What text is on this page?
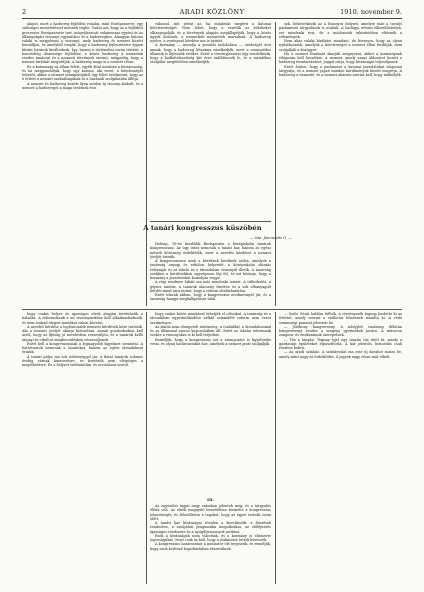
2	ARADI KÖZLÖNY	1910. november 9.

alapot, mert a hadsereg fejlődési vonalai, mint Európaszerte, egy valóságos meneteléssel mennek végbe. Tudni azt, hogy az a fejlődési processus Európaszerte tart, mégválasztott valamennyi egyéni és az állampolgári viszonyt egymáshoz és a hadsereghez. Amagyar katona valaki is megjelenni a viszonyt, mely hadsereg és nemzet között fennálljon, és amelyből vonják, hogy a hadsereg fejlesztésére éppen kívánt határok kiváltódnak. Így, hiszen a történelmi során történt, a honvédség diszessége fejlődése, a közös hadsereg a nemzetek rendes tanácsai és a nemzeti törvények szerint, mégpedig, hogy a nemzet birtokát megvédjék. A hadsereg maga is a nemzet része.

Ez a katonaság az állam felett, egyéb által azonban a köztársaság, és ha meggondoljuk, hogy egy katona, aki vezet, a kötelességét teljesíti, akkor a nemzet szempontjából úgy lehet értelmezni, hogy az ő tetteit a nemzet szabadságának és a hazának szolgálatába állítja.

A nemzet és hadsereg között ilyen módon új viszony alakult, és a nemzet a hadsereget a maga testének érzi.

válaszol, mit jelent az, ha mindenki megérti a katonai kötelezettséget. Nem lehet, hogy a vezetők az érdekeket elhanyagolják, és a törvények alapján megállapítják, hogy a közös ügyek közösek, a nemzetiek nemzetiek maradnak. A hadsereg nyelve, a vezényszó kérdése ma is nyitott.

A kormány — mondja a javaslat indokolása — szükségét érzi annak, hogy a hadsereg létszáma emelkedjék, mert a szomszédos államok is fejlesztik erőiket. Ezért a törvényjavaslat úgy rendelkezik, hogy a hadkötelezettség két évre szállíttassék le, és a tartalékos szolgálat megfelelően emelkedjék.

sok, bekövetkezik az a bizonyos helyzet, amelyre már a tavalyi parlamenti tárgyalások is utaltak. A hadügyi reform elkerülhetetlen, ezt mindenki érzi, de a módozatok tekintetében eltérnek a vélemények.

Nem akar valaki bírálatot mondani, de bizonyos, hogy az olyan nyilatkozatok, amelyek a kötelességet a nemzet ellen fordítják, nem szolgálják a közügyet.

Ha a nemzet bizalmát akarják megnyerni, akkor a kormánynak világosan kell beszélnie. A nemzet, amely annyi áldozatot hozott a hadsereg fenntartásáért, joggal várja, hogy kívánságai teljesüljenek.

Ezért fontos, hogy a parlament a katonai javaslatokat alaposan tárgyalja, és a nemzet jogait minden körülmények között megóvja. A hadsereg a nemzeté, és a nemzet akarata szerint kell, hogy működjék.

A tanári kongresszus küszöbén
— irta: Jancsovits G. —

Holnap, 10-én kezdődik Budapesten a középiskolai tanárok kongresszusa. Az ügy iránt nemcsak a tanári kar, hanem az egész művelt közönség érdeklődik, mert a nevelés kérdései a nemzet jövőjét érintik.

A kongresszuson azok a kérdések kerülnek szóba, amelyek a tanárság anyagi és erkölcsi helyzetét, a középiskolai oktatás reformját és az iskola és a társadalom viszonyát illetik. A tanárság ezekben a kérdésekben egységesen lép fel, és azt kívánja, hogy a kormány a javaslatokat komolyan vegye.

A régi rendszer hibáit ma már mindenki ismeri. A túlterhelés, a gépies tanítás, a tanárok alacsony fizetése és a sok elhanyagolt kérdés mind arra mutat, hogy a reform elodázhatatlan.

Ezért bízunk abban, hogy a kongresszus eredménnyel jár, és a tanárság hangja meghallgatásra talál.

hogy csakis helyes és igazságos elvek alapján történhetik a haladás. A reformoknak a mi viszonyainkhoz kell alkalmazkodniuk, és nem szabad idegen mintákat vakon követni.

A nevelés kérdése a legfontosabb nemzeti kérdések közé tartozik. Aki a nemzet jövőjét akarja biztosítani, annak gondoskodnia kell arról, hogy az ifjúság jó nevelésben részesüljön, és a tanárok kellő anyagi és erkölcsi megbecsülésben részesüljenek.

Ezért kell a kongresszusnak a legnagyobb figyelmet szentelni. A határozatok nemcsak a tanárokat, hanem az egész társadalmat érintik.

A tanári pálya ma sok nehézséggel jár. A fiatal tanárok sokszor évekig várnak kinevezésre, és fizetésük nem elégséges a megélhetésre. Ez a helyzet tarthatatlan, és orvoslásra szorul.

hogy csakis közös munkával érhetjük el célunkat. A tanárság és a társadalom együttműködése nélkül semmiféle reform nem vezet eredményre.

Az iskola nem elszigetelt intézmény; a családdal, a társadalommal és az állammal szoros kapcsolatban áll. Ezért az iskolai reformnak ezekre a viszonyokra is ki kell terjednie.

Reméljük, hogy a kongresszus ezt a szempontot is figyelembe veszi, és olyan határozatokat hoz, amelyek a nemzet javát szolgálják.

III.

Az egyesület tagjai nagy számban jelentek meg, és a tárgyalás élénk volt. Az elnök megnyitó beszédében kiemelte a kongresszus jelentőségét, és felszólította a tagokat, hogy az ügyet tartsák szem előtt.

A tanári kar kívánságai röviden a következők: a fizetések rendezése, a szolgálati pragmatika megalkotása, az előléptetés igazságos rendszere és a nyugdíjviszonyok javítása.

Ezek a kívánságok nem túlzottak, és a kormány is elismerte jogosságukat. Most csak az kell, hogy a jóakaratot tettek kövessék.

A kongresszus határozatait a miniszter elé terjesztik, és reméljük, hogy azok kedvező fogadtatásban részesülnek.

— Szőts Gézát halálra ítélték. A törvényszék tegnap hirdette ki az ítéletet, amely szerint a vádlottat bűnösnek mondta ki. A védő semmiségi panaszt jelentett be.

— Jótékony hangverseny. A nőegylet vasárnap délután hangversenyt rendez a szegény gyermekek javára. A műsoron zongora- és énekszámok szerepelnek.

— Tűz a tanyán. Tegnap éjjel egy tanyán tűz ütött ki, amely a gazdasági épületeket elpusztította. A kár jelentős, biztosítás csak részben fedezi.

— Az aradi színház. A színtársulat ma este új darabot mutat be, amely iránt nagy az érdeklődés. A jegyek nagy része már elkelt.
